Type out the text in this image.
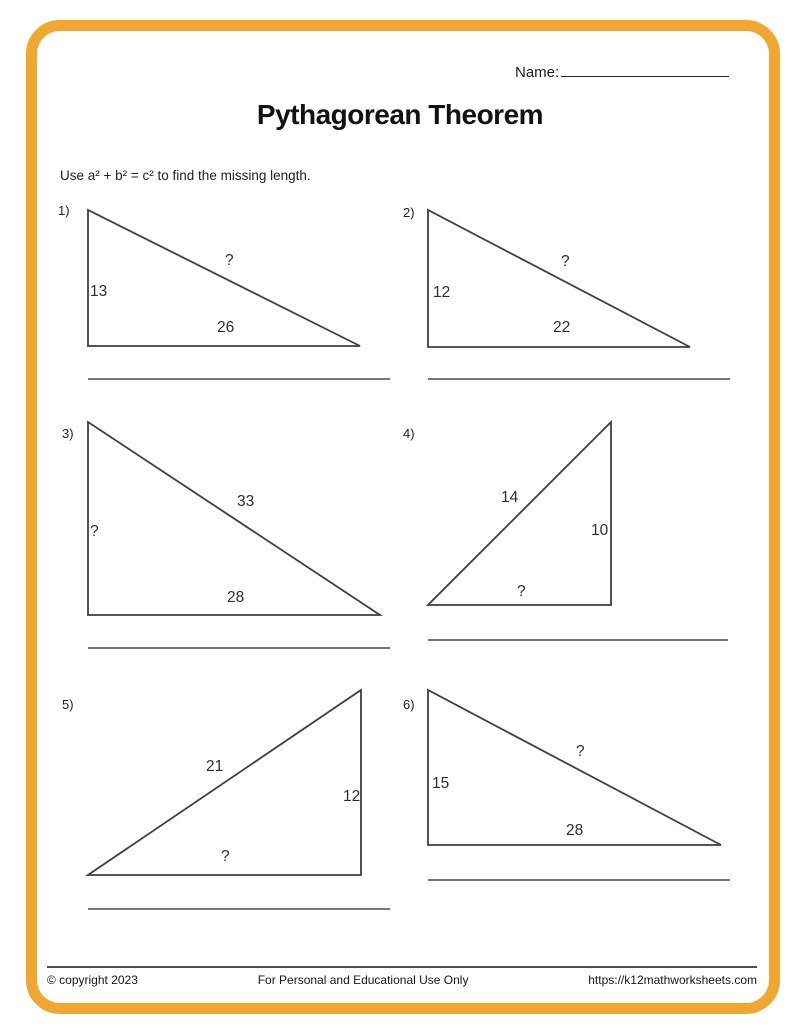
Name:
Pythagorean Theorem
Use a² + b² = c² to find the missing length.
1)
13
26
?
2)
12
22
?
3)
?
28
33
4)
10
?
14
5)
12
?
21
6)
15
28
?
© copyright 2023	For Personal and Educational Use Only	https://k12mathworksheets.com
